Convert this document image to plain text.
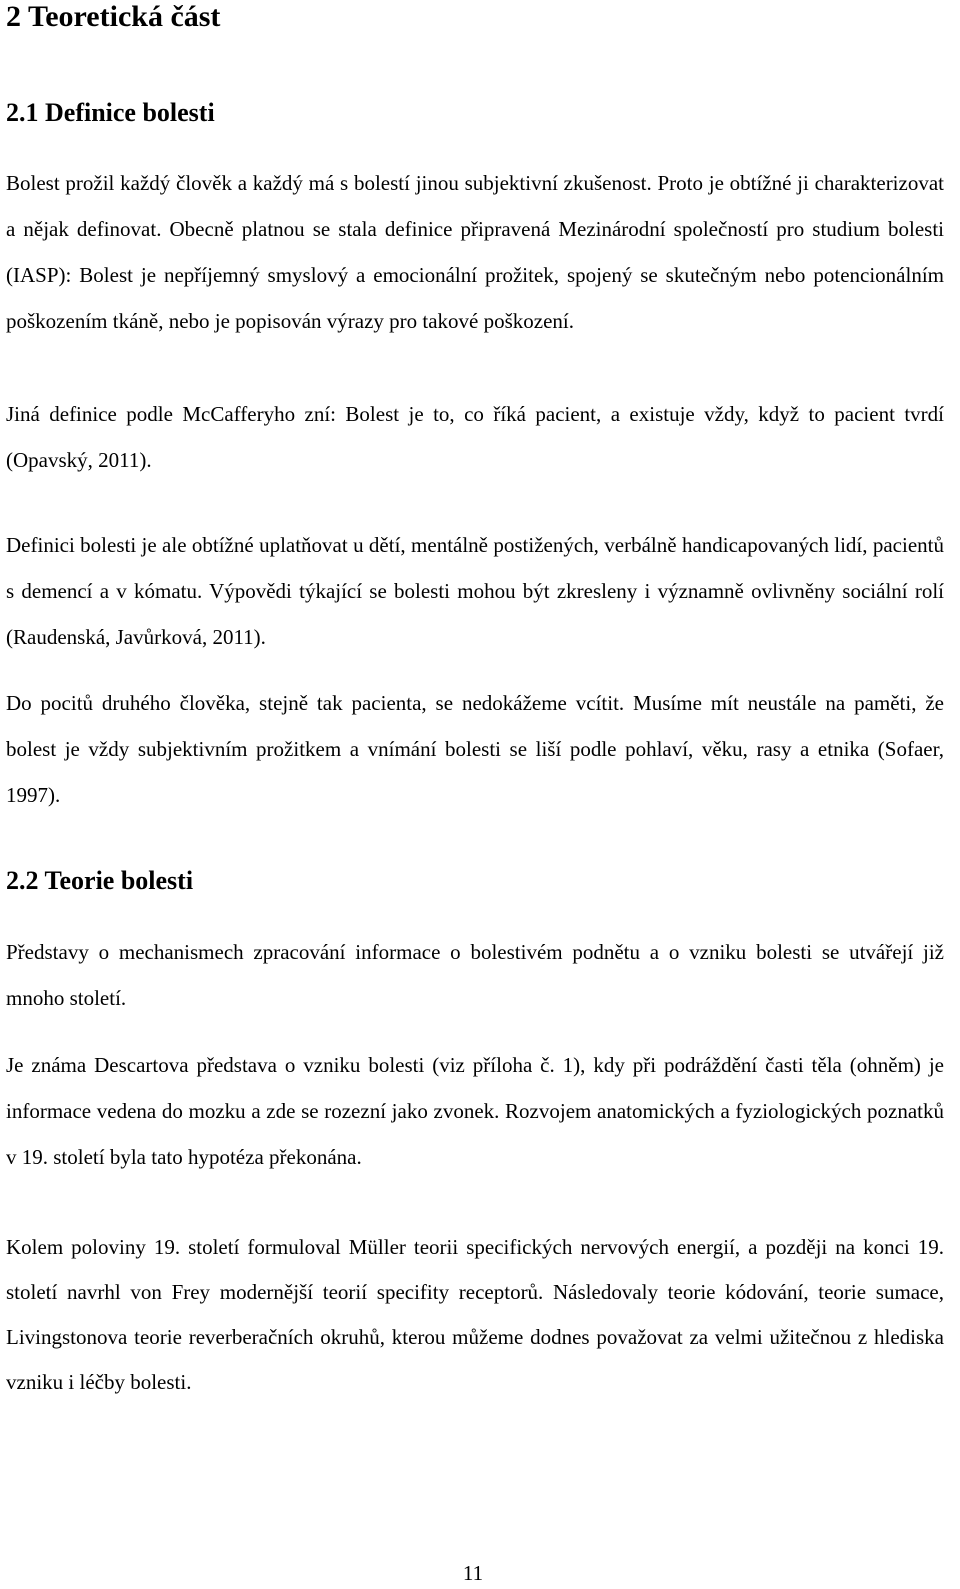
2 Teoretická část
2.1 Definice bolesti

Bolest prožil každý člověk a každý má s bolestí jinou subjektivní zkušenost. Proto je obtížné ji charakterizovat a nějak definovat. Obecně platnou se stala definice připravená Mezinárodní společností pro studium bolesti (IASP): Bolest je nepříjemný smyslový a emocionální prožitek, spojený se skutečným nebo potencionálním poškozením tkáně, nebo je popisován výrazy pro takové poškození.

Jiná definice podle McCafferyho zní: Bolest je to, co říká pacient, a existuje vždy, když to pacient tvrdí (Opavský, 2011).

Definici bolesti je ale obtížné uplatňovat u dětí, mentálně postižených, verbálně handicapovaných lidí, pacientů s demencí a v kómatu. Výpovědi týkající se bolesti mohou být zkresleny i významně ovlivněny sociální rolí (Raudenská, Javůrková, 2011).

Do pocitů druhého člověka, stejně tak pacienta, se nedokážeme vcítit. Musíme mít neustále na paměti, že bolest je vždy subjektivním prožitkem a vnímání bolesti se liší podle pohlaví, věku, rasy a etnika (Sofaer, 1997).

2.2 Teorie bolesti

Představy o mechanismech zpracování informace o bolestivém podnětu a o vzniku bolesti se utvářejí již mnoho století.

Je známa Descartova představa o vzniku bolesti (viz příloha č. 1), kdy při podráždění časti těla (ohněm) je informace vedena do mozku a zde se rozezní jako zvonek. Rozvojem anatomických a fyziologických poznatků v 19. století byla tato hypotéza překonána.

Kolem poloviny 19. století formuloval Müller teorii specifických nervových energií, a později na konci 19. století navrhl von Frey modernější teorií specifity receptorů. Následovaly teorie kódování, teorie sumace, Livingstonova teorie reverberačních okruhů, kterou můžeme dodnes považovat za velmi užitečnou z hlediska vzniku i léčby bolesti.

11
